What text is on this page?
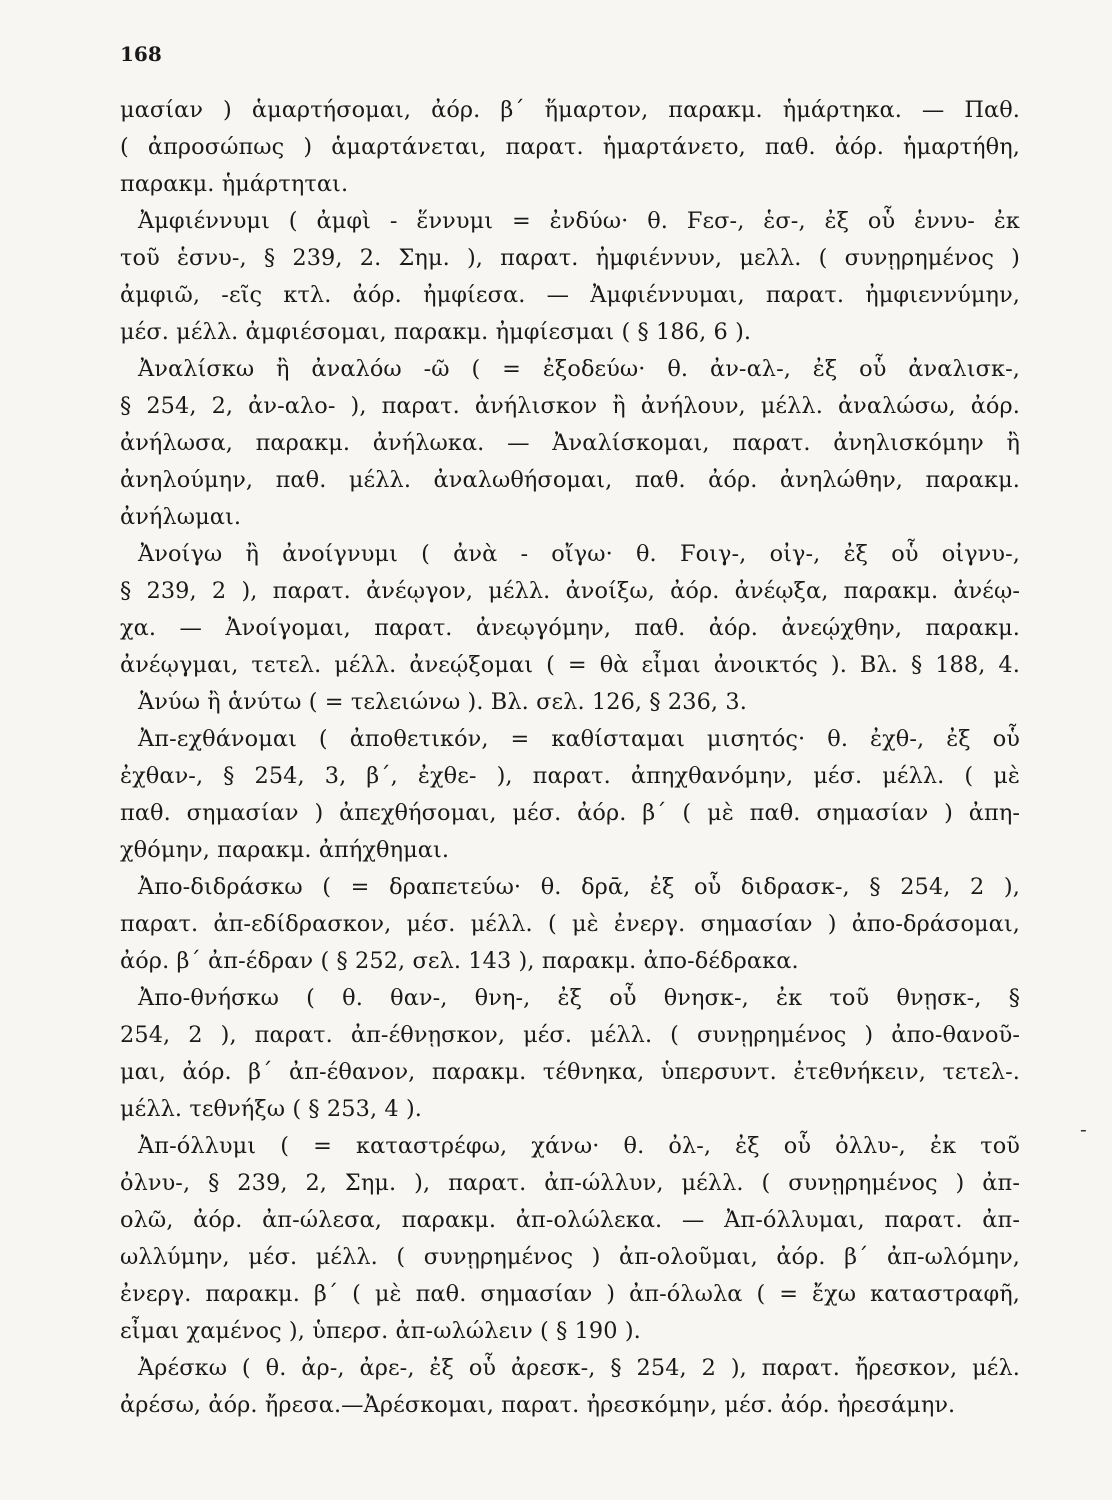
168
μασίαν ) ἁμαρτήσομαι, ἀόρ. β΄ ἥμαρτον, παρακμ. ἡμάρτηκα. — Παθ.
( ἀπροσώπως ) ἁμαρτάνεται, παρατ. ἡμαρτάνετο, παθ. ἀόρ. ἡμαρτήθη,
παρακμ. ἡμάρτηται.
Ἀμφιέννυμι ( ἀμφὶ - ἕννυμι = ἐνδύω· θ. Ϝεσ-, ἑσ-, ἐξ οὗ ἑννυ- ἐκ
τοῦ ἑσνυ-, § 239, 2. Σημ. ), παρατ. ἠμφιέννυν, μελλ. ( συνῃρημένος )
ἀμφιῶ, -εῖς κτλ. ἀόρ. ἠμφίεσα. — Ἀμφιέννυμαι, παρατ. ἠμφιεννύμην,
μέσ. μέλλ. ἀμφιέσομαι, παρακμ. ἠμφίεσμαι ( § 186, 6 ).
Ἀναλίσκω ἢ ἀναλόω -ῶ ( = ἐξοδεύω· θ. ἀν-αλ-, ἐξ οὗ ἀναλισκ-,
§ 254, 2, ἀν-αλο- ), παρατ. ἀνήλισκον ἢ ἀνήλουν, μέλλ. ἀναλώσω, ἀόρ.
ἀνήλωσα, παρακμ. ἀνήλωκα. — Ἀναλίσκομαι, παρατ. ἀνηλισκόμην ἢ
ἀνηλούμην, παθ. μέλλ. ἀναλωθήσομαι, παθ. ἀόρ. ἀνηλώθην, παρακμ.
ἀνήλωμαι.
Ἀνοίγω ἢ ἀνοίγνυμι ( ἀνὰ - οἴγω· θ. Ϝοιγ-, οἰγ-, ἐξ οὗ οἰγνυ-,
§ 239, 2 ), παρατ. ἀνέῳγον, μέλλ. ἀνοίξω, ἀόρ. ἀνέῳξα, παρακμ. ἀνέῳ-
χα. — Ἀνοίγομαι, παρατ. ἀνεῳγόμην, παθ. ἀόρ. ἀνεῴχθην, παρακμ.
ἀνέῳγμαι, τετελ. μέλλ. ἀνεῴξομαι ( = θὰ εἶμαι ἀνοικτός ). Βλ. § 188, 4.
Ἁνύω ἢ ἁνύτω ( = τελειώνω ). Βλ. σελ. 126, § 236, 3.
Ἀπ-εχθάνομαι ( ἀποθετικόν, = καθίσταμαι μισητός· θ. ἐχθ-, ἐξ οὗ
ἐχθαν-, § 254, 3, β΄, ἐχθε- ), παρατ. ἀπηχθανόμην, μέσ. μέλλ. ( μὲ
παθ. σημασίαν ) ἀπεχθήσομαι, μέσ. ἀόρ. β΄ ( μὲ παθ. σημασίαν ) ἀπη-
χθόμην, παρακμ. ἀπήχθημαι.
Ἀπο-διδράσκω ( = δραπετεύω· θ. δρᾱ, ἐξ οὗ διδρασκ-, § 254, 2 ),
παρατ. ἀπ-εδίδρασκον, μέσ. μέλλ. ( μὲ ἐνεργ. σημασίαν ) ἀπο-δράσομαι,
ἀόρ. β΄ ἀπ-έδραν ( § 252, σελ. 143 ), παρακμ. ἀπο-δέδρακα.
Ἀπο-θνήσκω ( θ. θαν-, θνη-, ἐξ οὗ θνησκ-, ἐκ τοῦ θνῃσκ-, §
254, 2 ), παρατ. ἀπ-έθνῃσκον, μέσ. μέλλ. ( συνῃρημένος ) ἀπο-θανοῦ-
μαι, ἀόρ. β΄ ἀπ-έθανον, παρακμ. τέθνηκα, ὑπερσυντ. ἐτεθνήκειν, τετελ-.
μέλλ. τεθνήξω ( § 253, 4 ).
Ἀπ-όλλυμι ( = καταστρέφω, χάνω· θ. ὀλ-, ἐξ οὗ ὀλλυ-, ἐκ τοῦ
ὀλνυ-, § 239, 2, Σημ. ), παρατ. ἀπ-ώλλυν, μέλλ. ( συνῃρημένος ) ἀπ-
ολῶ, ἀόρ. ἀπ-ώλεσα, παρακμ. ἀπ-ολώλεκα. — Ἀπ-όλλυμαι, παρατ. ἀπ-
ωλλύμην, μέσ. μέλλ. ( συνῃρημένος ) ἀπ-ολοῦμαι, ἀόρ. β΄ ἀπ-ωλόμην,
ἐνεργ. παρακμ. β΄ ( μὲ παθ. σημασίαν ) ἀπ-όλωλα ( = ἔχω καταστραφῆ,
εἶμαι χαμένος ), ὑπερσ. ἀπ-ωλώλειν ( § 190 ).
Ἀρέσκω ( θ. ἀρ-, ἀρε-, ἐξ οὗ ἀρεσκ-, § 254, 2 ), παρατ. ἤρεσκον, μέλ.
ἀρέσω, ἀόρ. ἤρεσα.—Ἀρέσκομαι, παρατ. ἠρεσκόμην, μέσ. ἀόρ. ἠρεσάμην.
-
